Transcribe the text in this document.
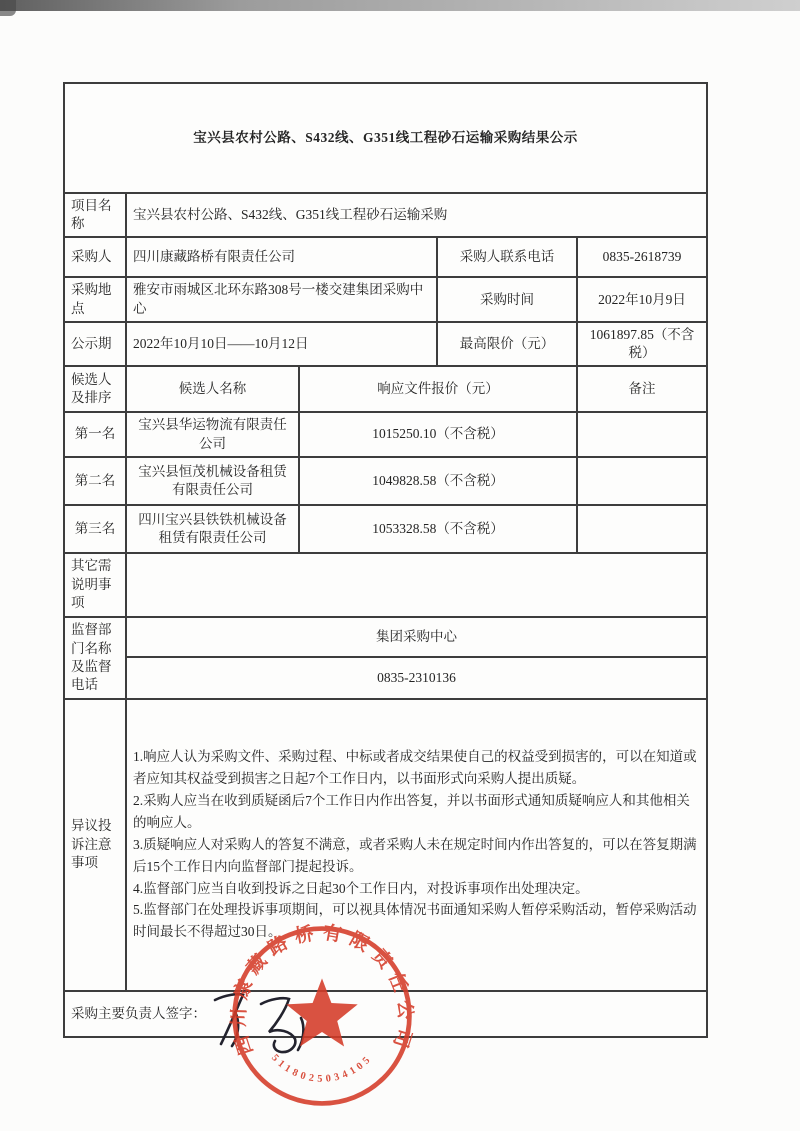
宝兴县农村公路、S432线、G351线工程砂石运输采购结果公示				
项目名称	宝兴县农村公路、S432线、G351线工程砂石运输采购			
采购人	四川康藏路桥有限责任公司		采购人联系电话	0835-2618739
采购地点	雅安市雨城区北环东路308号一楼交建集团采购中心		采购时间	2022年10月9日
公示期	2022年10月10日——10月12日		最高限价（元）	1061897.85（不含税）
候选人及排序	候选人名称	响应文件报价（元）		备注
第一名	宝兴县华运物流有限责任公司	1015250.10（不含税）		
第二名	宝兴县恒茂机械设备租赁有限责任公司	1049828.58（不含税）		
第三名	四川宝兴县铁铁机械设备租赁有限责任公司	1053328.58（不含税）		
其它需说明事项				
监督部门名称及监督电话	集团采购中心			
	0835-2310136			
异议投诉注意事项	1.响应人认为采购文件、采购过程、中标或者成交结果使自己的权益受到损害的，可以在知道或者应知其权益受到损害之日起7个工作日内，以书面形式向采购人提出质疑。
2.采购人应当在收到质疑函后7个工作日内作出答复，并以书面形式通知质疑响应人和其他相关的响应人。
3.质疑响应人对采购人的答复不满意，或者采购人未在规定时间内作出答复的，可以在答复期满后15个工作日内向监督部门提起投诉。
4.监督部门应当自收到投诉之日起30个工作日内，对投诉事项作出处理决定。
5.监督部门在处理投诉事项期间，可以视具体情况书面通知采购人暂停采购活动，暂停采购活动时间最长不得超过30日。			

采购主要负责人签字：				
四川康藏路桥有限责任公司
5118025034105
